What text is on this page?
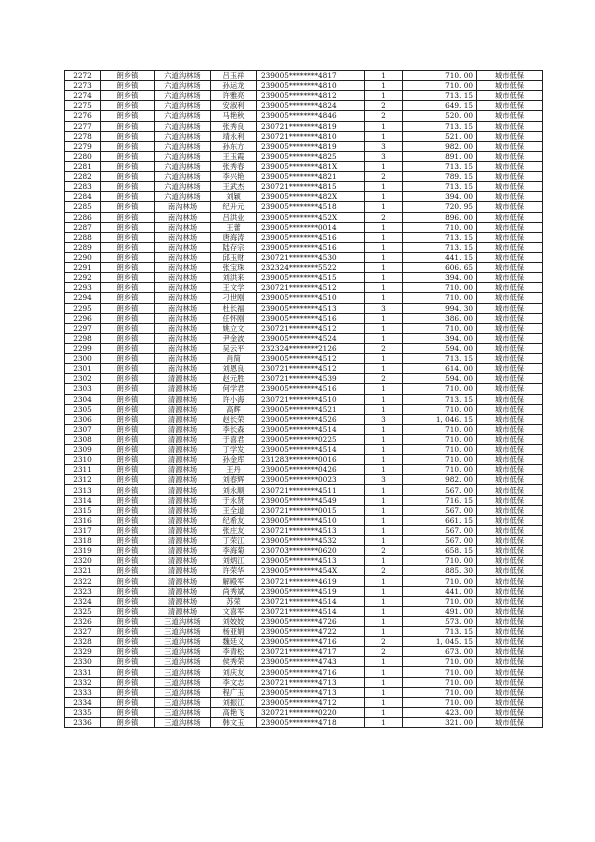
2272	朗乡镇	六道沟林场	吕玉祥	239005********4817	1	710. 00	城市低保
2273	朗乡镇	六道沟林场	孙运龙	239005********4810	1	710. 00	城市低保
2274	朗乡镇	六道沟林场	许雅亮	239005********4812	1	713. 15	城市低保
2275	朗乡镇	六道沟林场	安淑利	239005********4824	2	649. 15	城市低保
2276	朗乡镇	六道沟林场	马艳秋	239005********4846	2	520. 00	城市低保
2277	朗乡镇	六道沟林场	张秀良	230721********4819	1	713. 15	城市低保
2278	朗乡镇	六道沟林场	靖永利	230721********4810	1	521. 00	城市低保
2279	朗乡镇	六道沟林场	孙东方	239005********4819	3	982. 00	城市低保
2280	朗乡镇	六道沟林场	王玉霞	239005********4825	3	891. 00	城市低保
2281	朗乡镇	六道沟林场	张秀春	239005********481X	1	713. 15	城市低保
2282	朗乡镇	六道沟林场	李兴艳	239005********4821	2	789. 15	城市低保
2283	朗乡镇	六道沟林场	王武杰	230721********4815	1	713. 15	城市低保
2284	朗乡镇	六道沟林场	刘颖	239005********482X	1	394. 00	城市低保
2285	朗乡镇	南沟林场	纪升元	239005********4518	1	720. 95	城市低保
2286	朗乡镇	南沟林场	吕洪业	239005********452X	2	896. 00	城市低保
2287	朗乡镇	南沟林场	王蕾	239005********0014	1	710. 00	城市低保
2288	朗乡镇	南沟林场	唐海涛	239005********4516	1	713. 15	城市低保
2289	朗乡镇	南沟林场	陆存宗	239005********4516	1	713. 15	城市低保
2290	朗乡镇	南沟林场	邱玉财	230721********4530	1	441. 15	城市低保
2291	朗乡镇	南沟林场	张宝珠	232324********5522	1	606. 65	城市低保
2292	朗乡镇	南沟林场	刘洪来	239005********4515	1	394. 00	城市低保
2293	朗乡镇	南沟林场	王文学	230721********4512	1	710. 00	城市低保
2294	朗乡镇	南沟林场	刁世刚	239005********4510	1	710. 00	城市低保
2295	朗乡镇	南沟林场	杜长福	239005********4513	3	994. 30	城市低保
2296	朗乡镇	南沟林场	任怀刚	239005********4516	1	386. 00	城市低保
2297	朗乡镇	南沟林场	姚立文	230721********4512	1	710. 00	城市低保
2298	朗乡镇	南沟林场	尹金波	239005********4524	1	394. 00	城市低保
2299	朗乡镇	南沟林场	吴云平	232324********2126	2	594. 00	城市低保
2300	朗乡镇	南沟林场	肖简	239005********4512	1	713. 15	城市低保
2301	朗乡镇	南沟林场	刘恩良	230721********4512	1	614. 00	城市低保
2302	朗乡镇	清源林场	赵元胜	230721********4539	2	594. 00	城市低保
2303	朗乡镇	清源林场	何学君	239005********4516	1	710. 00	城市低保
2304	朗乡镇	清源林场	许小海	230721********4510	1	713. 15	城市低保
2305	朗乡镇	清源林场	高辉	239005********4521	1	710. 00	城市低保
2306	朗乡镇	清源林场	赵长荣	239005********4526	3	1, 046. 15	城市低保
2307	朗乡镇	清源林场	李长森	239005********4514	1	710. 00	城市低保
2308	朗乡镇	清源林场	于喜君	239005********0225	1	710. 00	城市低保
2309	朗乡镇	清源林场	丁学发	239005********4514	1	710. 00	城市低保
2310	朗乡镇	清源林场	孙金库	231283********0016	1	710. 00	城市低保
2311	朗乡镇	清源林场	王丹	239005********0426	1	710. 00	城市低保
2312	朗乡镇	清源林场	刘春辉	239005********0023	3	982. 00	城市低保
2313	朗乡镇	清源林场	刘永顺	230721********4511	1	567. 00	城市低保
2314	朗乡镇	清源林场	于永贤	239005********4549	1	716. 15	城市低保
2315	朗乡镇	清源林场	王全道	230721********0015	1	567. 00	城市低保
2316	朗乡镇	清源林场	纪希友	239005********4510	1	661. 15	城市低保
2317	朗乡镇	清源林场	张庄友	230721********4513	1	567. 00	城市低保
2318	朗乡镇	清源林场	丁荣江	239005********4532	1	567. 00	城市低保
2319	朗乡镇	清源林场	李海菊	230703********0620	2	658. 15	城市低保
2320	朗乡镇	清源林场	刘炳江	239005********4513	1	710. 00	城市低保
2321	朗乡镇	清源林场	许荣华	239005********454X	2	885. 30	城市低保
2322	朗乡镇	清源林场	解殿军	230721********4619	1	710. 00	城市低保
2323	朗乡镇	清源林场	尚秀斌	239005********4519	1	441. 00	城市低保
2324	朗乡镇	清源林场	苏荣	230721********4514	1	710. 00	城市低保
2325	朗乡镇	清源林场	文喜军	230721********4514	1	491. 00	城市低保
2326	朗乡镇	三道沟林场	刘姣姣	239005********4726	1	573. 00	城市低保
2327	朗乡镇	三道沟林场	杨亚娟	239005********4722	1	713. 15	城市低保
2328	朗乡镇	三道沟林场	魏廷义	239005********4716	2	1, 045. 15	城市低保
2329	朗乡镇	三道沟林场	李青松	230721********4717	2	673. 00	城市低保
2330	朗乡镇	三道沟林场	侯秀荣	239005********4743	1	710. 00	城市低保
2331	朗乡镇	三道沟林场	刘庆友	239005********4716	1	710. 00	城市低保
2332	朗乡镇	三道沟林场	李文志	230721********4713	1	710. 00	城市低保
2333	朗乡镇	三道沟林场	程广玉	239005********4713	1	710. 00	城市低保
2334	朗乡镇	三道沟林场	刘振江	239005********4712	1	710. 00	城市低保
2335	朗乡镇	三道沟林场	高艳飞	320721********0220	1	423. 00	城市低保
2336	朗乡镇	三道沟林场	韩文玉	239005********4718	1	321. 00	城市低保
